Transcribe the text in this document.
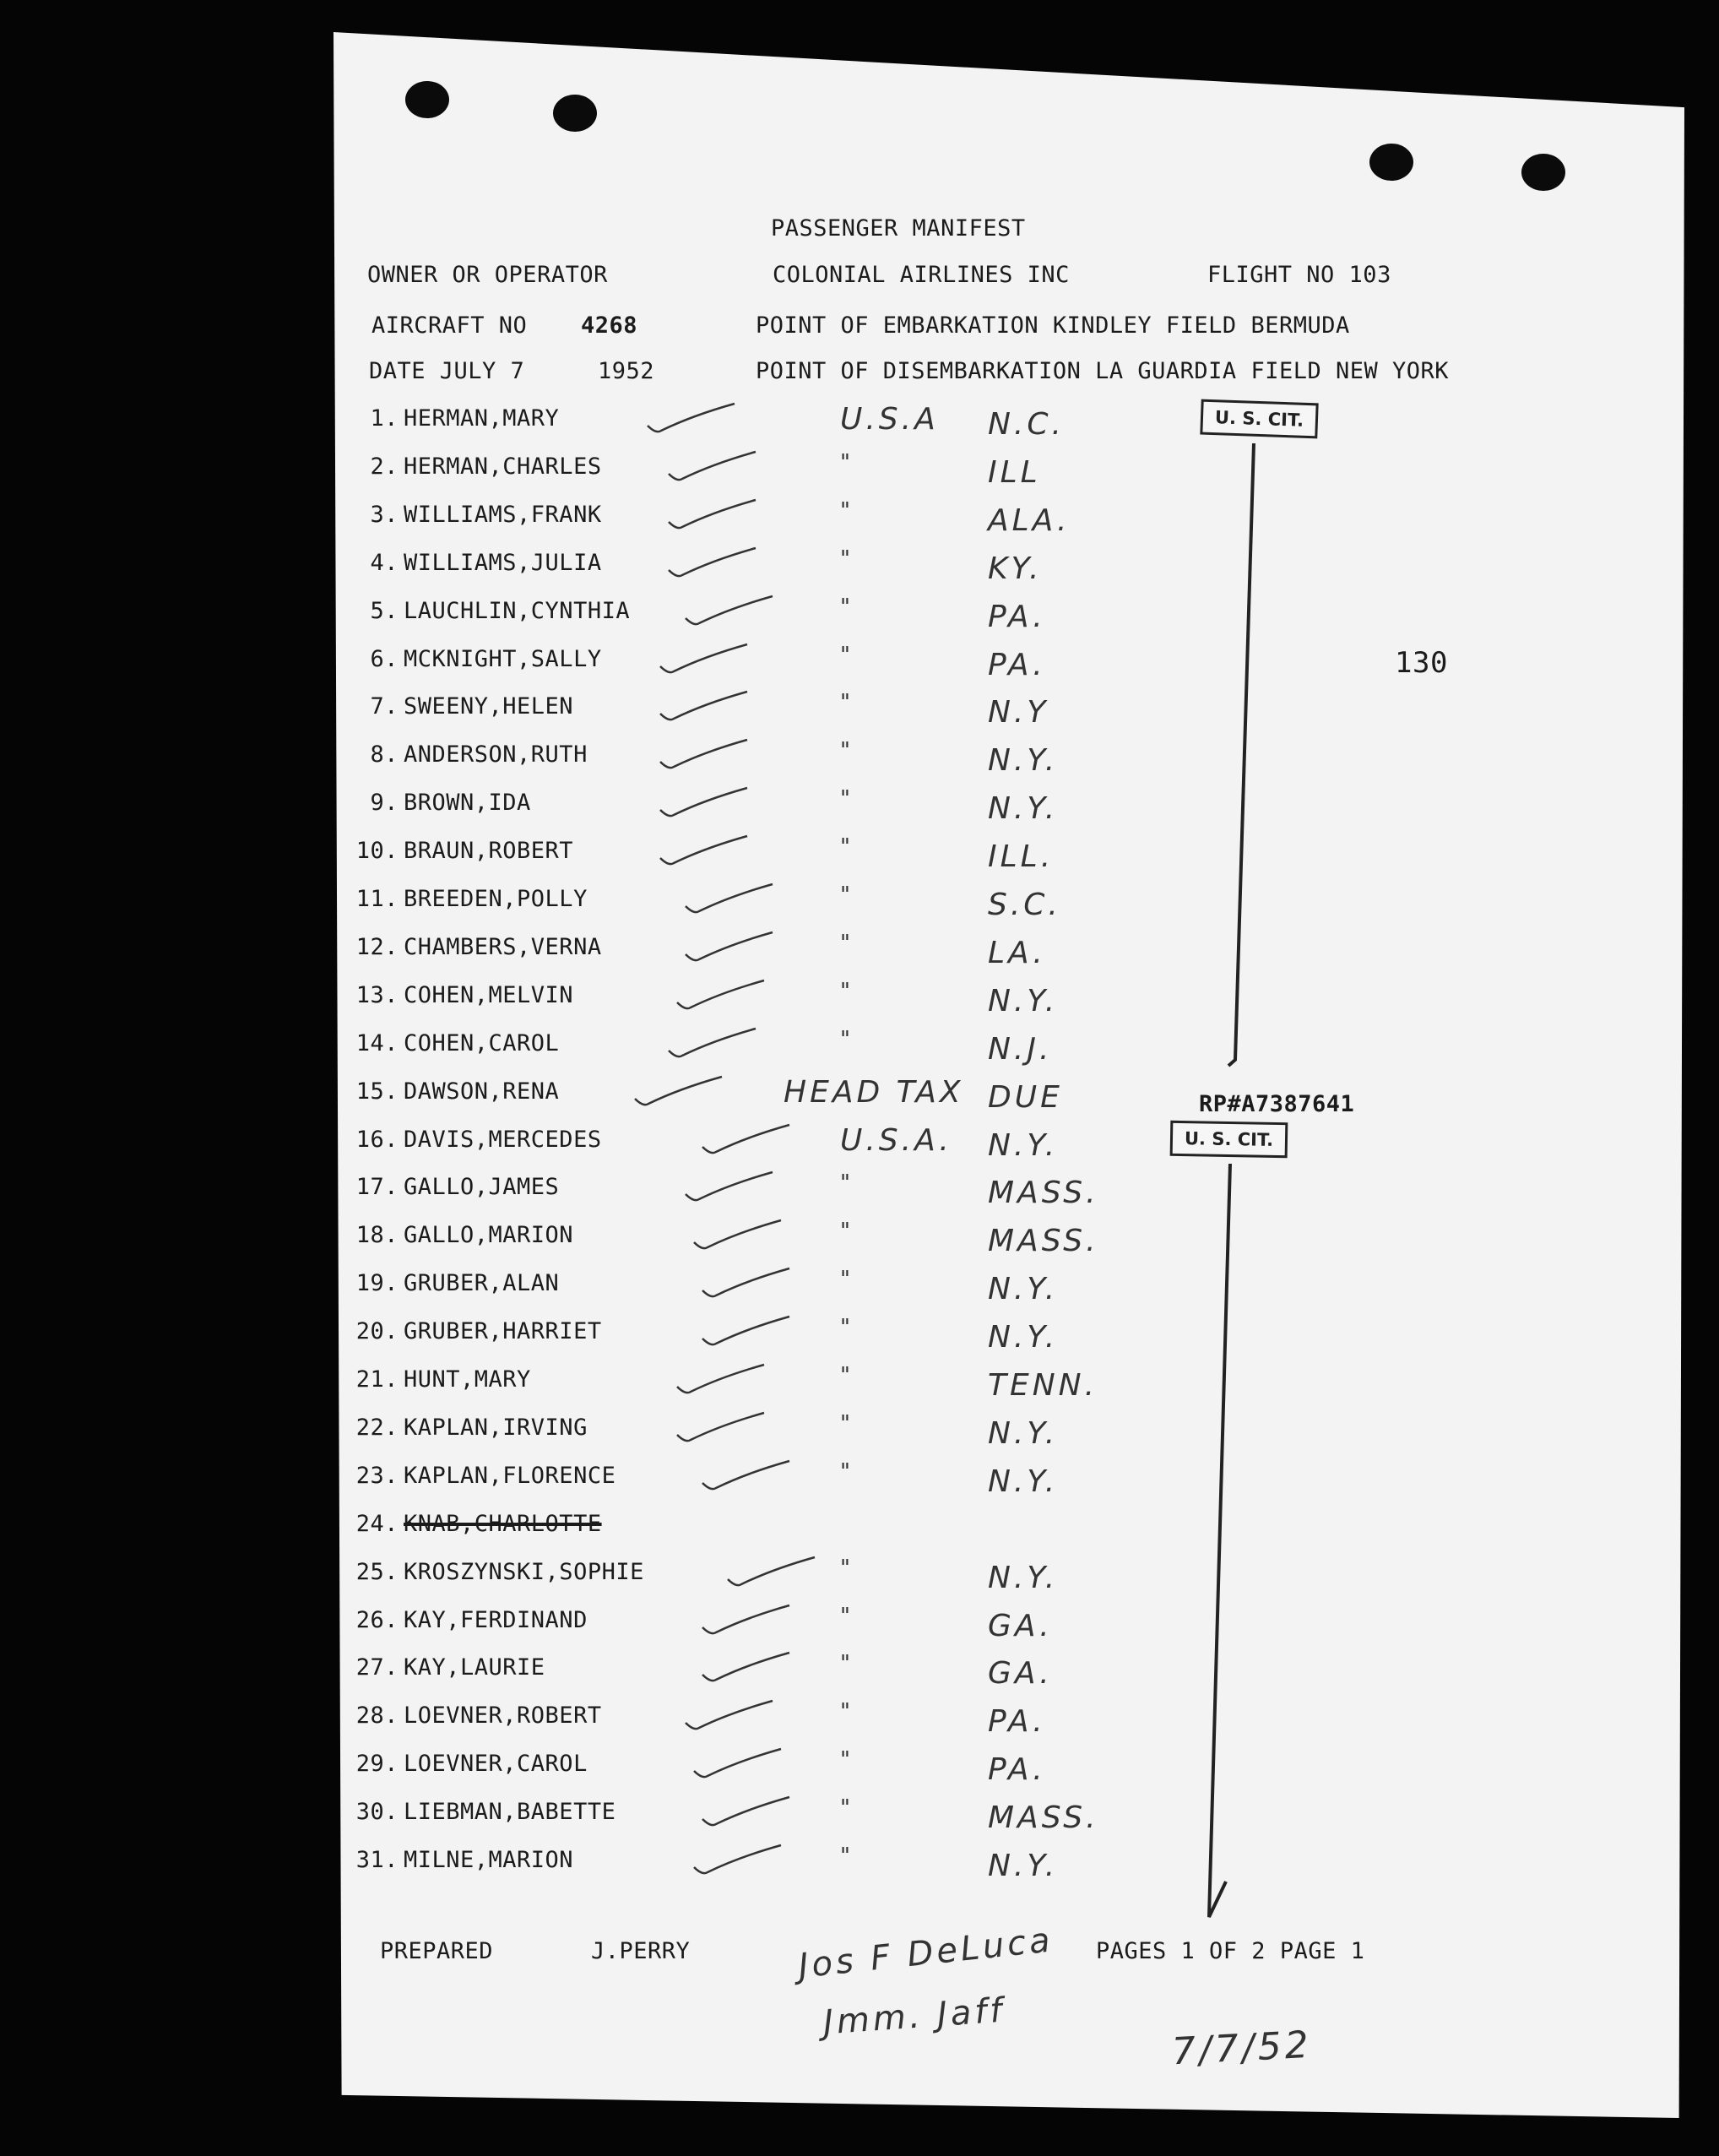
PASSENGER MANIFEST
OWNER OR OPERATOR	COLONIAL AIRLINES INC	FLIGHT NO 103
AIRCRAFT NO 4268	POINT OF EMBARKATION KINDLEY FIELD BERMUDA
DATE JULY 7	1952	POINT OF DISEMBARKATION LA GUARDIA FIELD NEW YORK
1. HERMAN,MARY	U.S.A N.C.
2. HERMAN,CHARLES	"	ILL
3. WILLIAMS,FRANK	"	ALA.
4. WILLIAMS,JULIA	"	KY.
5. LAUCHLIN,CYNTHIA	"	PA.
6. MCKNIGHT,SALLY	"	PA.
7. SWEENY,HELEN	"	N.Y
8. ANDERSON,RUTH	"	N.Y.
9. BROWN,IDA	"	N.Y.
10. BRAUN,ROBERT	"	ILL.
11. BREEDEN,POLLY	"	S.C.
12. CHAMBERS,VERNA	"	LA.
13. COHEN,MELVIN	"	N.Y.
14. COHEN,CAROL	"	N.J.
15. DAWSON,RENA	HEAD TAX DUE
16. DAVIS,MERCEDES	U.S.A. N.Y.
17. GALLO,JAMES	"	MASS.
18. GALLO,MARION	"	MASS.
19. GRUBER,ALAN	"	N.Y.
20. GRUBER,HARRIET	"	N.Y.
21. HUNT,MARY	"	TENN.
22. KAPLAN,IRVING	"	N.Y.
23. KAPLAN,FLORENCE	"	N.Y.
24. KNAB,CHARLOTTE
25. KROSZYNSKI,SOPHIE	"	N.Y.
26. KAY,FERDINAND	"	GA.
27. KAY,LAURIE	"	GA.
28. LOEVNER,ROBERT	"	PA.
29. LOEVNER,CAROL	"	PA.
30. LIEBMAN,BABETTE	"	MASS.
31. MILNE,MARION	"	N.Y.
130
U. S. CIT.
U. S. CIT.
RP#A7387641
PREPARED	J.PERRY	PAGES 1 OF 2 PAGE 1
Jos F DeLuca
Jmm. Jaff
7/7/52
